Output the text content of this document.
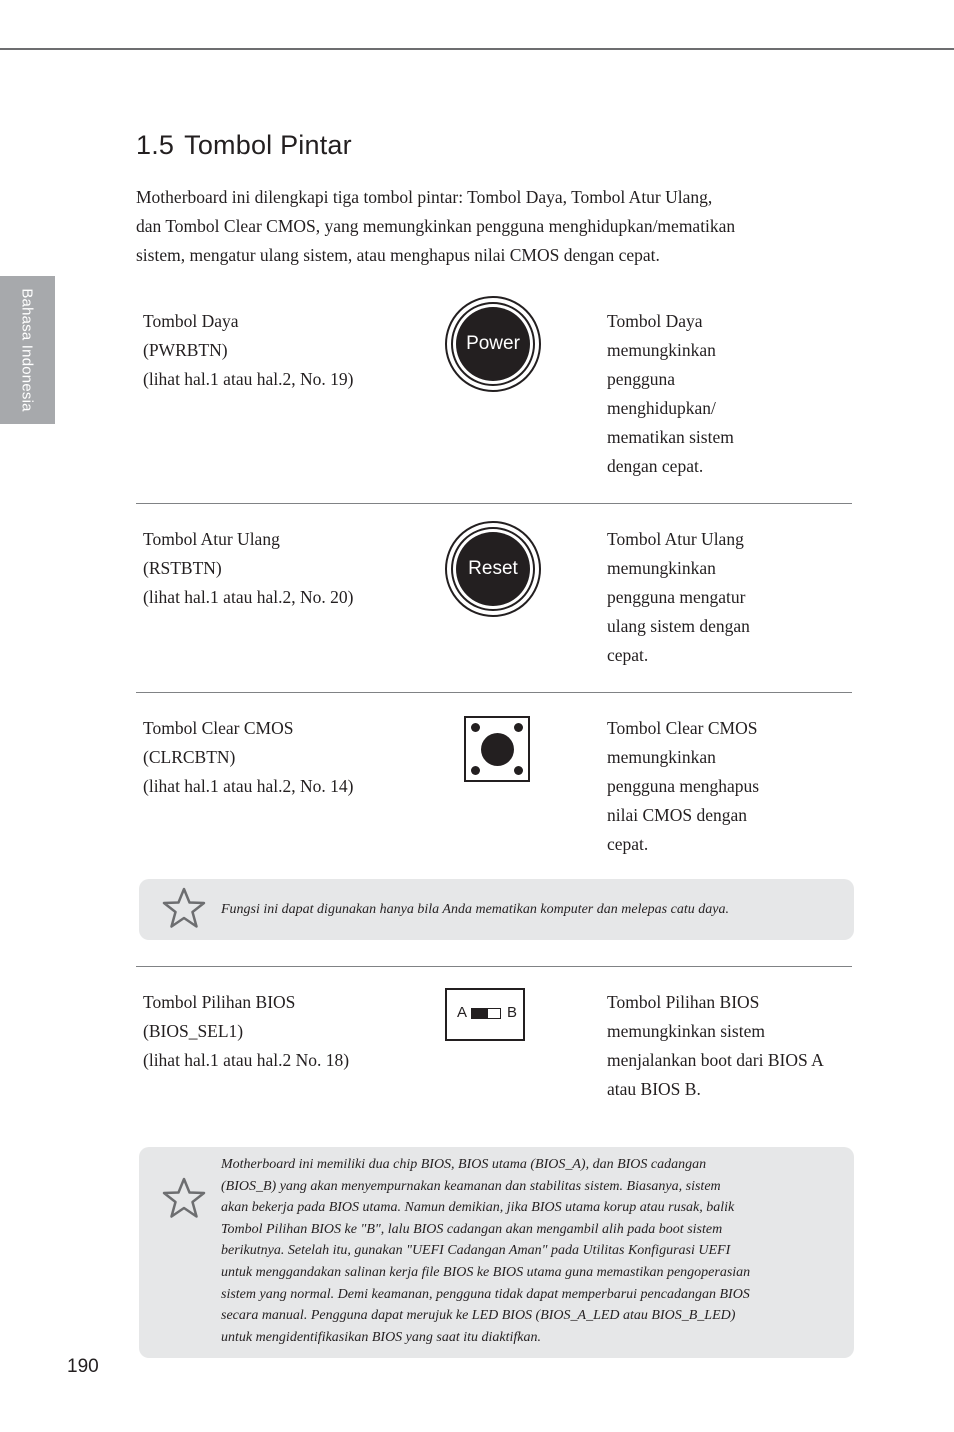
Bahasa Indonesia
1.5 Tombol Pintar
Motherboard ini dilengkapi tiga tombol pintar: Tombol Daya, Tombol Atur Ulang,
dan Tombol Clear CMOS, yang memungkinkan pengguna menghidupkan/mematikan
sistem, mengatur ulang sistem, atau menghapus nilai CMOS dengan cepat.
Tombol Daya
(PWRBTN)
(lihat hal.1 atau hal.2, No. 19)
Power
Tombol Daya
memungkinkan
pengguna
menghidupkan/
mematikan sistem
dengan cepat.
Tombol Atur Ulang
(RSTBTN)
(lihat hal.1 atau hal.2, No. 20)
Reset
Tombol Atur Ulang
memungkinkan
pengguna mengatur
ulang sistem dengan
cepat.
Tombol Clear CMOS
(CLRCBTN)
(lihat hal.1 atau hal.2, No. 14)
Tombol Clear CMOS
memungkinkan
pengguna menghapus
nilai CMOS dengan
cepat.
Fungsi ini dapat digunakan hanya bila Anda mematikan komputer dan melepas catu daya.
Tombol Pilihan BIOS
(BIOS_SEL1)
(lihat hal.1 atau hal.2 No. 18)
A	B
Tombol Pilihan BIOS
memungkinkan sistem
menjalankan boot dari BIOS A
atau BIOS B.
Motherboard ini memiliki dua chip BIOS, BIOS utama (BIOS_A), dan BIOS cadangan
(BIOS_B) yang akan menyempurnakan keamanan dan stabilitas sistem. Biasanya, sistem
akan bekerja pada BIOS utama. Namun demikian, jika BIOS utama korup atau rusak, balik
Tombol Pilihan BIOS ke "B", lalu BIOS cadangan akan mengambil alih pada boot sistem
berikutnya. Setelah itu, gunakan "UEFI Cadangan Aman" pada Utilitas Konfigurasi UEFI
untuk menggandakan salinan kerja file BIOS ke BIOS utama guna memastikan pengoperasian
sistem yang normal. Demi keamanan, pengguna tidak dapat memperbarui pencadangan BIOS
secara manual. Pengguna dapat merujuk ke LED BIOS (BIOS_A_LED atau BIOS_B_LED)
untuk mengidentifikasikan BIOS yang saat itu diaktifkan.
190
